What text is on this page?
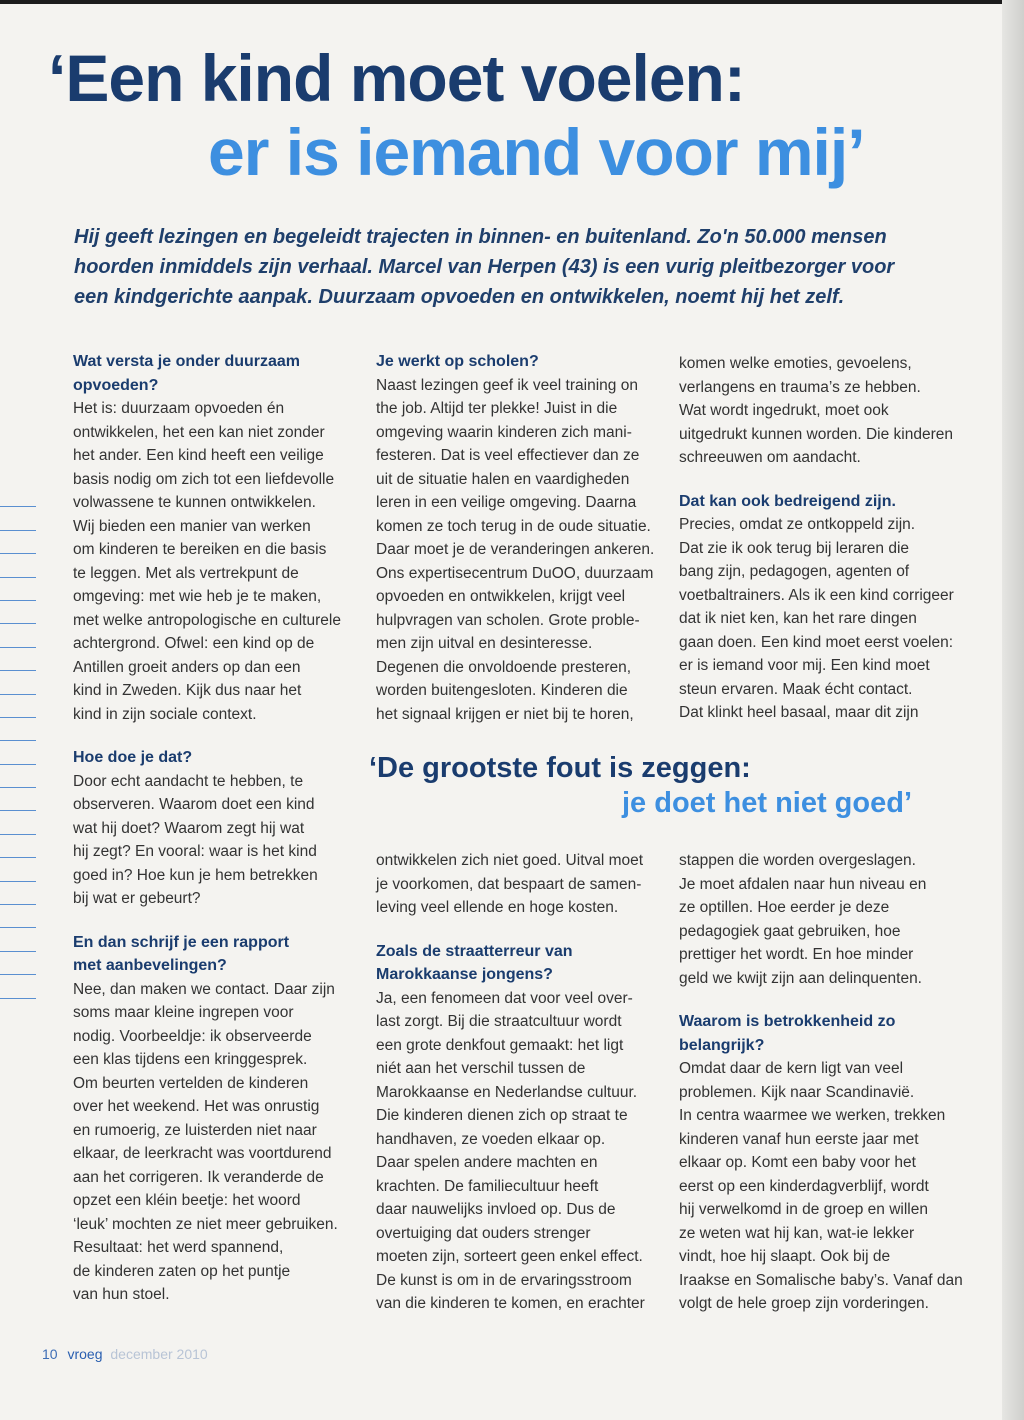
‘Een kind moet voelen:
er is iemand voor mij’
Hij geeft lezingen en begeleidt trajecten in binnen- en buitenland. Zo'n 50.000 mensen
hoorden inmiddels zijn verhaal. Marcel van Herpen (43) is een vurig pleitbezorger voor
een kindgerichte aanpak. Duurzaam opvoeden en ontwikkelen, noemt hij het zelf.
Wat versta je onder duurzaam
opvoeden?
Het is: duurzaam opvoeden én
ontwikkelen, het een kan niet zonder
het ander. Een kind heeft een veilige
basis nodig om zich tot een liefdevolle
volwassene te kunnen ontwikkelen.
Wij bieden een manier van werken
om kinderen te bereiken en die basis
te leggen. Met als vertrekpunt de
omgeving: met wie heb je te maken,
met welke antropologische en culturele
achtergrond. Ofwel: een kind op de
Antillen groeit anders op dan een
kind in Zweden. Kijk dus naar het
kind in zijn sociale context.
Hoe doe je dat?
Door echt aandacht te hebben, te
observeren. Waarom doet een kind
wat hij doet? Waarom zegt hij wat
hij zegt? En vooral: waar is het kind
goed in? Hoe kun je hem betrekken
bij wat er gebeurt?
En dan schrijf je een rapport
met aanbevelingen?
Nee, dan maken we contact. Daar zijn
soms maar kleine ingrepen voor
nodig. Voorbeeldje: ik observeerde
een klas tijdens een kringgesprek.
Om beurten vertelden de kinderen
over het weekend. Het was onrustig
en rumoerig, ze luisterden niet naar
elkaar, de leerkracht was voortdurend
aan het corrigeren. Ik veranderde de
opzet een kléin beetje: het woord
‘leuk’ mochten ze niet meer gebruiken.
Resultaat: het werd spannend,
de kinderen zaten op het puntje
van hun stoel.
Je werkt op scholen?
Naast lezingen geef ik veel training on
the job. Altijd ter plekke! Juist in die
omgeving waarin kinderen zich mani-
festeren. Dat is veel effectiever dan ze
uit de situatie halen en vaardigheden
leren in een veilige omgeving. Daarna
komen ze toch terug in de oude situatie.
Daar moet je de veranderingen ankeren.
Ons expertisecentrum DuOO, duurzaam
opvoeden en ontwikkelen, krijgt veel
hulpvragen van scholen. Grote proble-
men zijn uitval en desinteresse.
Degenen die onvoldoende presteren,
worden buitengesloten. Kinderen die
het signaal krijgen er niet bij te horen,
ontwikkelen zich niet goed. Uitval moet
je voorkomen, dat bespaart de samen-
leving veel ellende en hoge kosten.
Zoals de straatterreur van
Marokkaanse jongens?
Ja, een fenomeen dat voor veel over-
last zorgt. Bij die straatcultuur wordt
een grote denkfout gemaakt: het ligt
niét aan het verschil tussen de
Marokkaanse en Nederlandse cultuur.
Die kinderen dienen zich op straat te
handhaven, ze voeden elkaar op.
Daar spelen andere machten en
krachten. De familiecultuur heeft
daar nauwelijks invloed op. Dus de
overtuiging dat ouders strenger
moeten zijn, sorteert geen enkel effect.
De kunst is om in de ervaringsstroom
van die kinderen te komen, en erachter
komen welke emoties, gevoelens,
verlangens en trauma’s ze hebben.
Wat wordt ingedrukt, moet ook
uitgedrukt kunnen worden. Die kinderen
schreeuwen om aandacht.
Dat kan ook bedreigend zijn.
Precies, omdat ze ontkoppeld zijn.
Dat zie ik ook terug bij leraren die
bang zijn, pedagogen, agenten of
voetbaltrainers. Als ik een kind corrigeer
dat ik niet ken, kan het rare dingen
gaan doen. Een kind moet eerst voelen:
er is iemand voor mij. Een kind moet
steun ervaren. Maak écht contact.
Dat klinkt heel basaal, maar dit zijn
stappen die worden overgeslagen.
Je moet afdalen naar hun niveau en
ze optillen. Hoe eerder je deze
pedagogiek gaat gebruiken, hoe
prettiger het wordt. En hoe minder
geld we kwijt zijn aan delinquenten.
Waarom is betrokkenheid zo
belangrijk?
Omdat daar de kern ligt van veel
problemen. Kijk naar Scandinavië.
In centra waarmee we werken, trekken
kinderen vanaf hun eerste jaar met
elkaar op. Komt een baby voor het
eerst op een kinderdagverblijf, wordt
hij verwelkomd in de groep en willen
ze weten wat hij kan, wat-ie lekker
vindt, hoe hij slaapt. Ook bij de
Iraakse en Somalische baby’s. Vanaf dan
volgt de hele groep zijn vorderingen.
‘De grootste fout is zeggen:
je doet het niet goed’
10 vroeg december 2010
